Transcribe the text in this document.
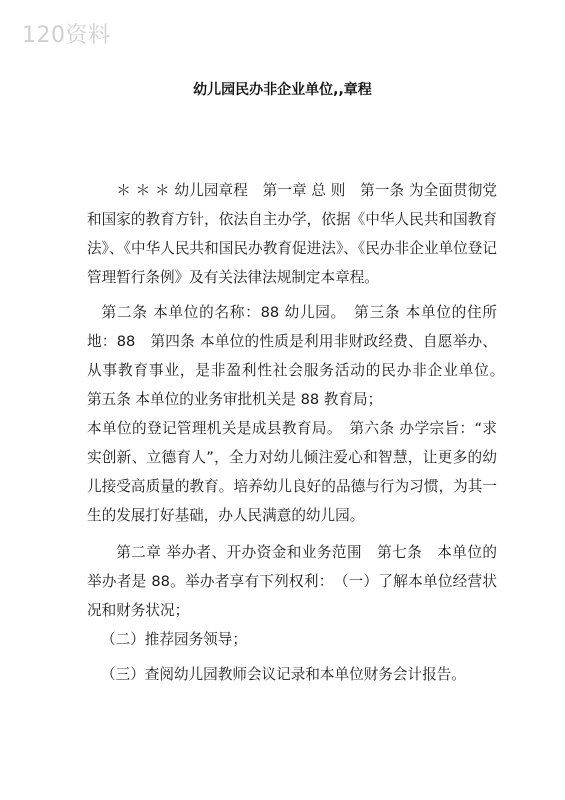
120资料
幼儿园民办非企业单位,,章程

＊ ＊ ＊ 幼儿园章程　第一章 总 则　第一条 为全面贯彻党和国家的教育方针，依法自主办学，依据《中华人民共和国教育法》、《中华人民共和国民办教育促进法》、《民办非企业单位登记管理暂行条例》及有关法律法规制定本章程。

第二条 本单位的名称：88 幼儿园。　第三条 本单位的住所地：88　第四条 本单位的性质是利用非财政经费、自愿举办、从事教育事业，是非盈利性社会服务活动的民办非企业单位。　第五条 本单位的业务审批机关是 88 教育局；

本单位的登记管理机关是成县教育局。　第六条 办学宗旨：“求实创新、立德育人”，全力对幼儿倾注爱心和智慧，让更多的幼儿接受高质量的教育。培养幼儿良好的品德与行为习惯，为其一生的发展打好基础，办人民满意的幼儿园。

第二章 举办者、开办资金和业务范围　第七条　本单位的举办者是 88。举办者享有下列权利：　（一）了解本单位经营状况和财务状况；

（二）推荐园务领导；

（三）查阅幼儿园教师会议记录和本单位财务会计报告。
